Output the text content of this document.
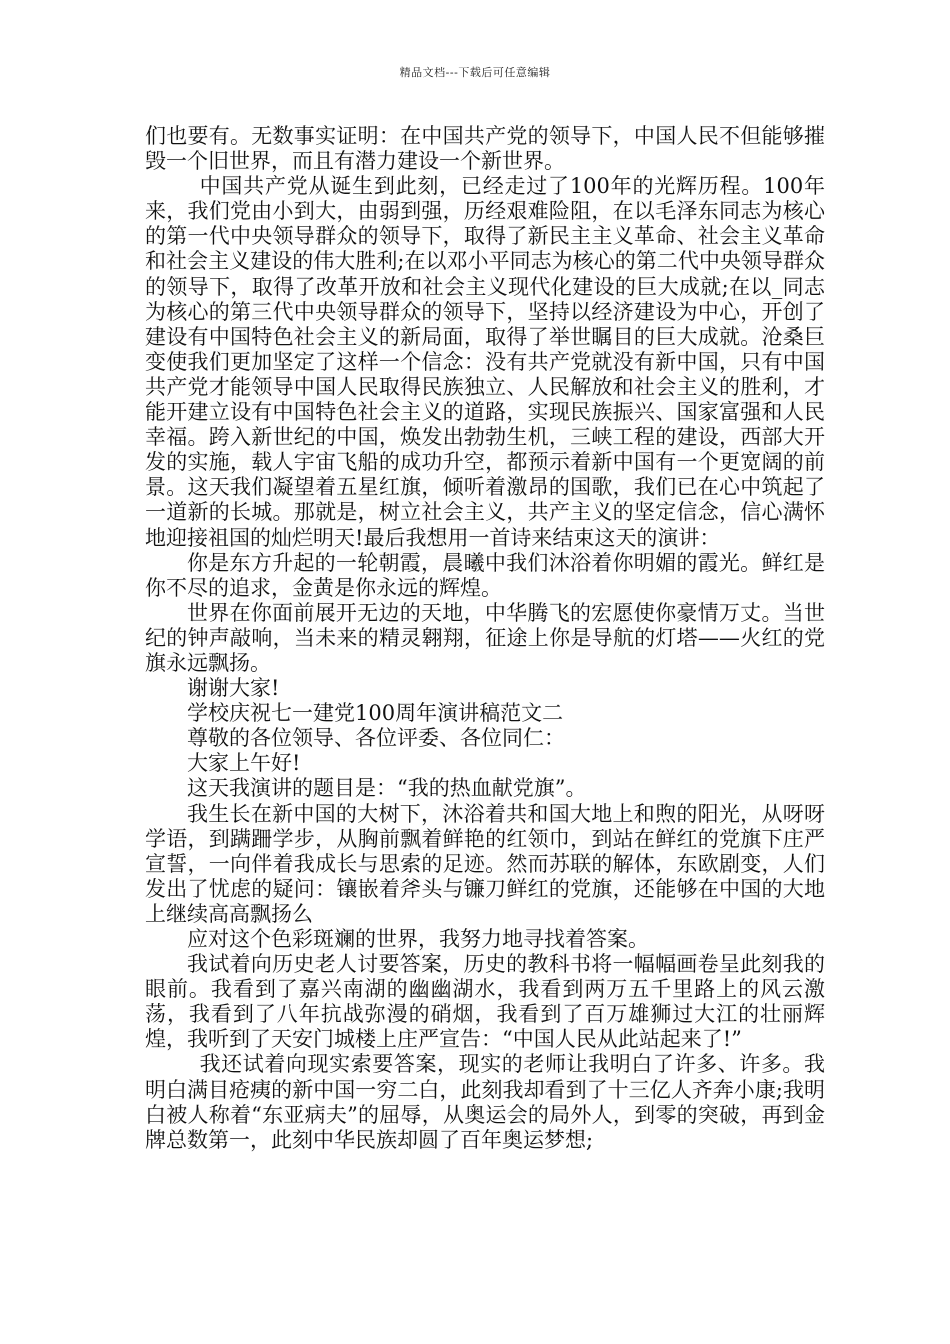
精品文档---下载后可任意编辑

们也要有。无数事实证明：在中国共产党的领导下，中国人民不但能够摧毁一个旧世界，而且有潜力建设一个新世界。

中国共产党从诞生到此刻，已经走过了100年的光辉历程。100年来，我们党由小到大，由弱到强，历经艰难险阻，在以毛泽东同志为核心的第一代中央领导群众的领导下，取得了新民主主义革命、社会主义革命和社会主义建设的伟大胜利;在以邓小平同志为核心的第二代中央领导群众的领导下，取得了改革开放和社会主义现代化建设的巨大成就;在以_同志为核心的第三代中央领导群众的领导下，坚持以经济建设为中心，开创了建设有中国特色社会主义的新局面，取得了举世瞩目的巨大成就。沧桑巨变使我们更加坚定了这样一个信念：没有共产党就没有新中国，只有中国共产党才能领导中国人民取得民族独立、人民解放和社会主义的胜利，才能开建立设有中国特色社会主义的道路，实现民族振兴、国家富强和人民幸福。跨入新世纪的中国，焕发出勃勃生机，三峡工程的建设，西部大开发的实施，载人宇宙飞船的成功升空，都预示着新中国有一个更宽阔的前景。这天我们凝望着五星红旗，倾听着激昂的国歌，我们已在心中筑起了一道新的长城。那就是，树立社会主义，共产主义的坚定信念，信心满怀地迎接祖国的灿烂明天!最后我想用一首诗来结束这天的演讲：

你是东方升起的一轮朝霞，晨曦中我们沐浴着你明媚的霞光。鲜红是你不尽的追求，金黄是你永远的辉煌。

世界在你面前展开无边的天地，中华腾飞的宏愿使你豪情万丈。当世纪的钟声敲响，当未来的精灵翱翔，征途上你是导航的灯塔——火红的党旗永远飘扬。

谢谢大家!

学校庆祝七一建党100周年演讲稿范文二

尊敬的各位领导、各位评委、各位同仁：

大家上午好!

这天我演讲的题目是：“我的热血献党旗”。

我生长在新中国的大树下，沐浴着共和国大地上和煦的阳光，从呀呀学语，到蹒跚学步，从胸前飘着鲜艳的红领巾，到站在鲜红的党旗下庄严宣誓，一向伴着我成长与思索的足迹。然而苏联的解体，东欧剧变，人们发出了忧虑的疑问：镶嵌着斧头与镰刀鲜红的党旗，还能够在中国的大地上继续高高飘扬么

应对这个色彩斑斓的世界，我努力地寻找着答案。

我试着向历史老人讨要答案，历史的教科书将一幅幅画卷呈此刻我的眼前。我看到了嘉兴南湖的幽幽湖水，我看到两万五千里路上的风云激荡，我看到了八年抗战弥漫的硝烟，我看到了百万雄狮过大江的壮丽辉煌，我听到了天安门城楼上庄严宣告：“中国人民从此站起来了!”

我还试着向现实索要答案，现实的老师让我明白了许多、许多。我明白满目疮痍的新中国一穷二白，此刻我却看到了十三亿人齐奔小康;我明白被人称着“东亚病夫”的屈辱，从奥运会的局外人，到零的突破，再到金牌总数第一，此刻中华民族却圆了百年奥运梦想;
